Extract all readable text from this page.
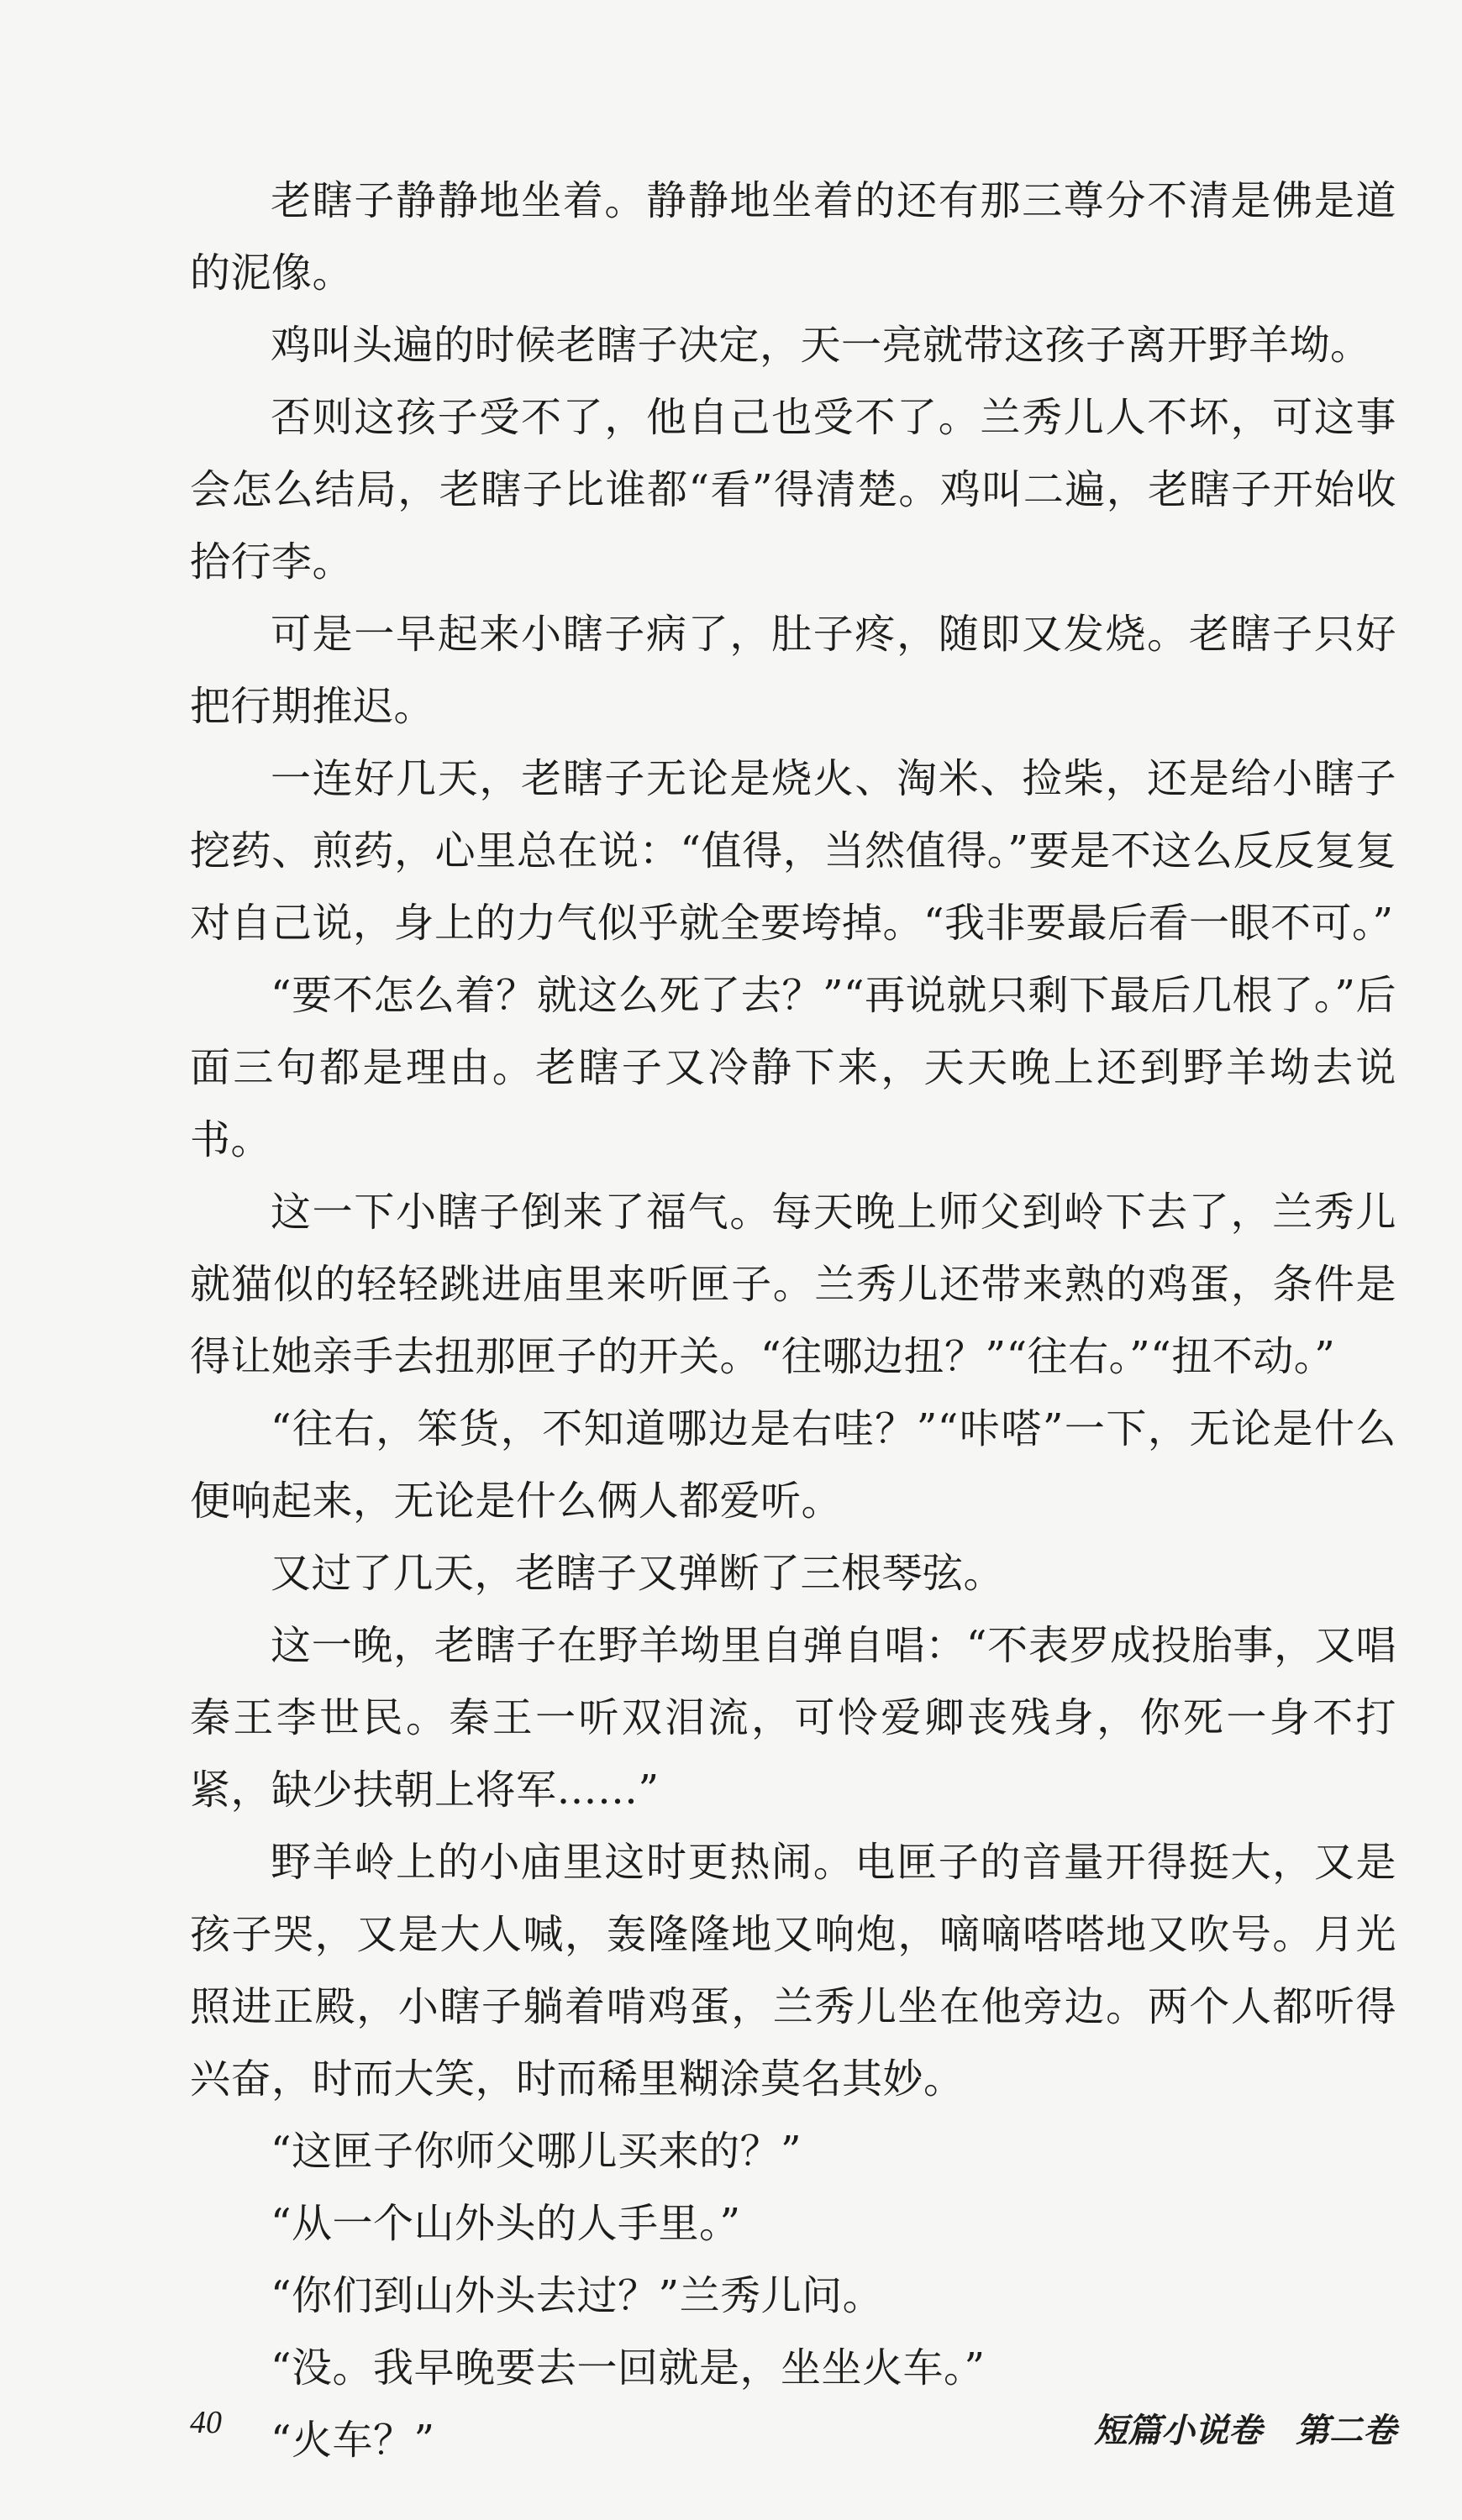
老瞎子静静地坐着。静静地坐着的还有那三尊分不清是佛是道的泥像。

鸡叫头遍的时候老瞎子决定，天一亮就带这孩子离开野羊坳。

否则这孩子受不了，他自己也受不了。兰秀儿人不坏，可这事会怎么结局，老瞎子比谁都“看”得清楚。鸡叫二遍，老瞎子开始收拾行李。

可是一早起来小瞎子病了，肚子疼，随即又发烧。老瞎子只好把行期推迟。

一连好几天，老瞎子无论是烧火、淘米、捡柴，还是给小瞎子挖药、煎药，心里总在说：“值得，当然值得。”要是不这么反反复复对自己说，身上的力气似乎就全要垮掉。“我非要最后看一眼不可。”

“要不怎么着？就这么死了去？”“再说就只剩下最后几根了。”后面三句都是理由。老瞎子又冷静下来，天天晚上还到野羊坳去说书。

这一下小瞎子倒来了福气。每天晚上师父到岭下去了，兰秀儿就猫似的轻轻跳进庙里来听匣子。兰秀儿还带来熟的鸡蛋，条件是得让她亲手去扭那匣子的开关。“往哪边扭？”“往右。”“扭不动。”

“往右，笨货，不知道哪边是右哇？”“咔嗒”一下，无论是什么便响起来，无论是什么俩人都爱听。

又过了几天，老瞎子又弹断了三根琴弦。

这一晚，老瞎子在野羊坳里自弹自唱：“不表罗成投胎事，又唱秦王李世民。秦王一听双泪流，可怜爱卿丧残身，你死一身不打紧，缺少扶朝上将军……”

野羊岭上的小庙里这时更热闹。电匣子的音量开得挺大，又是孩子哭，又是大人喊，轰隆隆地又响炮，嘀嘀嗒嗒地又吹号。月光照进正殿，小瞎子躺着啃鸡蛋，兰秀儿坐在他旁边。两个人都听得兴奋，时而大笑，时而稀里糊涂莫名其妙。

“这匣子你师父哪儿买来的？”

“从一个山外头的人手里。”

“你们到山外头去过？”兰秀儿问。

“没。我早晚要去一回就是，坐坐火车。”

“火车？”

40	短篇小说卷　第二卷
